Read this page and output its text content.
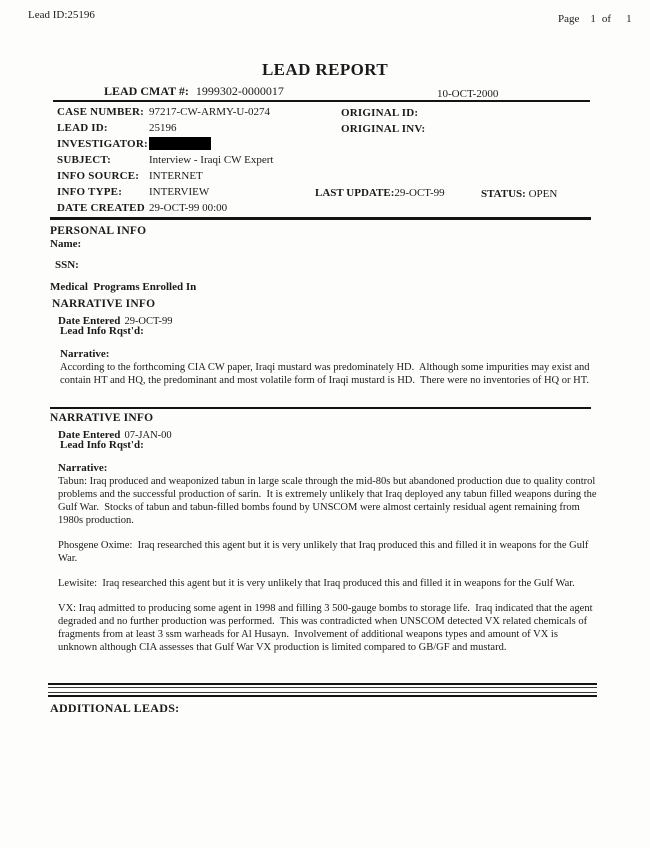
Lead ID:25196	Page 1 of 1
LEAD REPORT
LEAD CMAT #: 1999302-0000017	10-OCT-2000
CASE NUMBER: 97217-CW-ARMY-U-0274
LEAD ID:	25196
INVESTIGATOR:
SUBJECT:	Interview - Iraqi CW Expert
INFO SOURCE: INTERNET
INFO TYPE: INTERVIEW
DATE CREATED 29-OCT-99 00:00
ORIGINAL ID:
ORIGINAL INV:
LAST UPDATE:29-OCT-99	STATUS: OPEN
PERSONAL INFO
Name:
SSN:
Medical  Programs Enrolled In
NARRATIVE INFO
Date Entered 29-OCT-99
Lead Info Rqst'd:
Narrative:

According to the forthcoming CIA CW paper, Iraqi mustard was predominately HD.  Although some impurities may exist and contain HT and HQ, the predominant and most volatile form of Iraqi mustard is HD.  There were no inventories of HQ or HT.

NARRATIVE INFO
Date Entered 07-JAN-00
Lead Info Rqst'd:
Narrative:

Tabun: Iraq produced and weaponized tabun in large scale through the mid-80s but abandoned production due to quality control problems and the successful production of sarin.  It is extremely unlikely that Iraq deployed any tabun filled weapons during the Gulf War.  Stocks of tabun and tabun-filled bombs found by UNSCOM were almost certainly residual agent remaining from 1980s production.

Phosgene Oxime:  Iraq researched this agent but it is very unlikely that Iraq produced this and filled it in weapons for the Gulf War.

Lewisite:  Iraq researched this agent but it is very unlikely that Iraq produced this and filled it in weapons for the Gulf War.

VX: Iraq admitted to producing some agent in 1998 and filling 3 500-gauge bombs to storage life.  Iraq indicated that the agent degraded and no further production was performed.  This was contradicted when UNSCOM detected VX related chemicals of fragments from at least 3 ssm warheads for Al Husayn.  Involvement of additional weapons types and amount of VX is unknown although CIA assesses that Gulf War VX production is limited compared to GB/GF and mustard.

ADDITIONAL LEADS:
